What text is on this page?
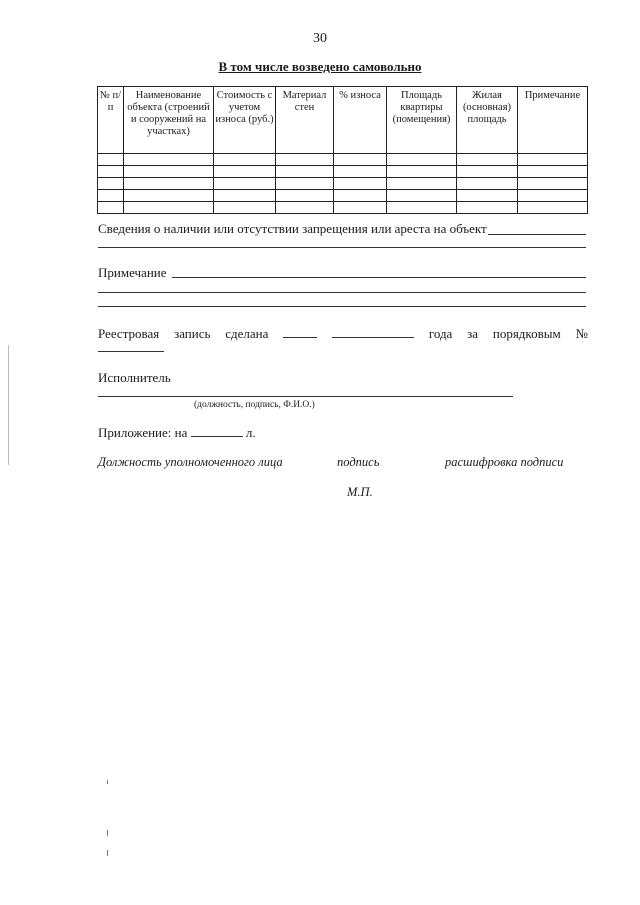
30
В том числе возведено самовольно
№ п/п	Наименование объекта (строений и сооружений на участках)	Стоимость с учетом износа (руб.)	Материал стен	% износа	Площадь квартиры (помещения)	Жилая (основная) площадь	Примечание

Сведения о наличии или отсутствии запрещения или ареста на объект
Примечание
Реестровая запись сделана	года за порядковым №
Исполнитель
(должность, подпись, Ф.И.О.)
Приложение: на	л.
Должность уполномоченного лица	подпись	расшифровка подписи
М.П.
